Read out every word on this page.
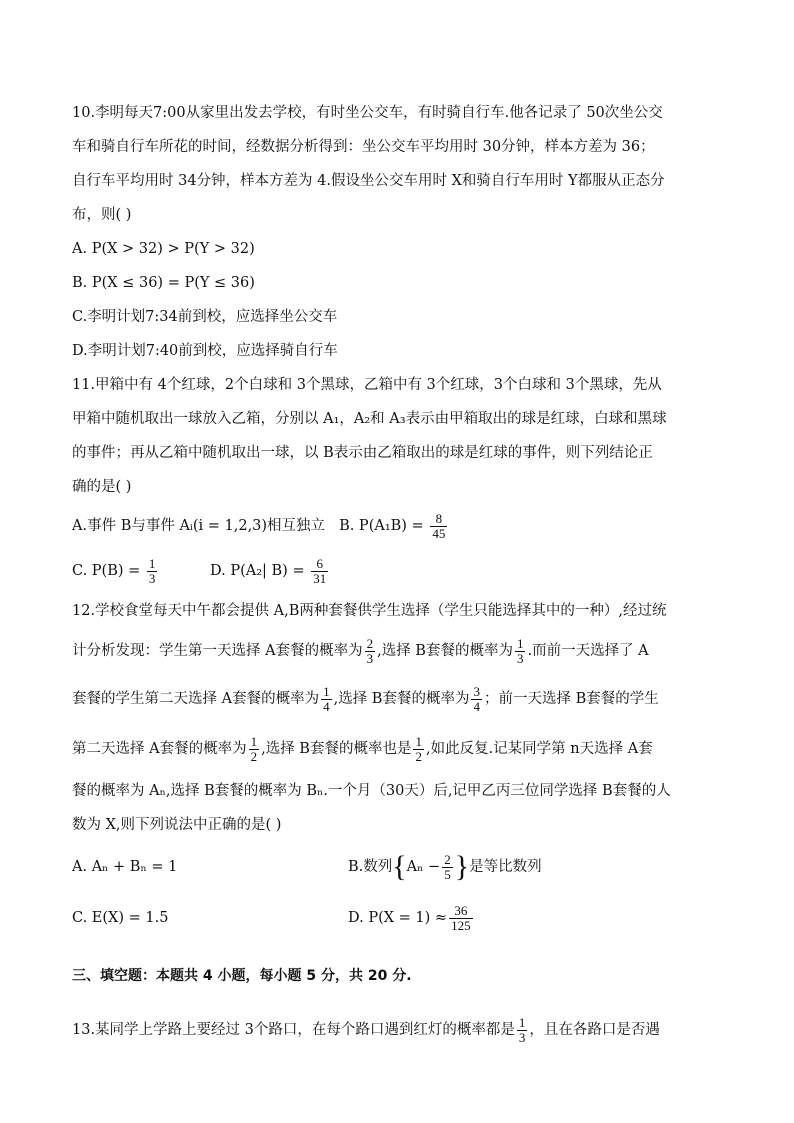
10.李明每天7:00从家里出发去学校，有时坐公交车，有时骑自行车.他各记录了 50次坐公交

车和骑自行车所花的时间，经数据分析得到：坐公交车平均用时 30分钟，样本方差为 36；

自行车平均用时 34分钟，样本方差为 4.假设坐公交车用时 X和骑自行车用时 Y都服从正态分

布，则( )

A. P(X > 32) > P(Y > 32)

B. P(X ≤ 36) = P(Y ≤ 36)

C.李明计划7:34前到校，应选择坐公交车

D.李明计划7:40前到校，应选择骑自行车

11.甲箱中有 4个红球，2个白球和 3个黑球，乙箱中有 3个红球，3个白球和 3个黑球，先从

甲箱中随机取出一球放入乙箱，分别以 A₁，A₂和 A₃表示由甲箱取出的球是红球，白球和黑球

的事件；再从乙箱中随机取出一球，以 B表示由乙箱取出的球是红球的事件，则下列结论正

确的是( )

A.事件 B与事件 Aᵢ(i = 1,2,3)相互独立 B. $P(A_1B) = \frac{8}{45}$
C. $P(B) = \frac{1}{3}$	D. P(A₂| $B) = \frac{6}{31}$

12.学校食堂每天中午都会提供 A,B两种套餐供学生选择（学生只能选择其中的一种）,经过统

计分析发现：学生第一天选择 A套餐的概率为 $\frac{2}{3}$ ,选择 B套餐的概率为 $\frac{1}{3}$ .而前一天选择了 A
套餐的学生第二天选择 A套餐的概率为 $\frac{1}{4}$ ,选择 B套餐的概率为 $\frac{3}{4}$ ；前一天选择 B套餐的学生
第二天选择 A套餐的概率为 $\frac{1}{2}$ ,选择 B套餐的概率也是 $\frac{1}{2}$ ,如此反复.记某同学第 n天选择 A套

餐的概率为 Aₙ,选择 B套餐的概率为 Bₙ.一个月（30天）后,记甲乙丙三位同学选择 B套餐的人

数为 X,则下列说法中正确的是( )

A. Aₙ + Bₙ = 1	B.数列 { $A_n - \frac{2}{5}$ } 是等比数列
C. E(X) = 1.5	D. $P(X = 1) \approx \frac{36}{125}$

三、填空题：本题共 4 小题，每小题 5 分，共 20 分.

13.某同学上学路上要经过 3个路口，在每个路口遇到红灯的概率都是 $\frac{1}{3}$ ，且在各路口是否遇
